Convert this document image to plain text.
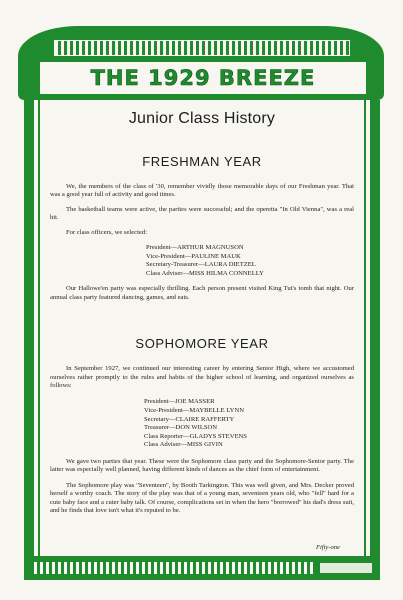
THE 1929 BREEZE
Junior Class History
FRESHMAN YEAR

We, the members of the class of '30, remember vividly those memorable days of our Freshman year. That was a good year full of activity and good times.

The basketball teams were active, the parties were successful; and the operetta "In Old Vienna", was a real hit.

For class officers, we selected:

President—ARTHUR MAGNUSON
Vice-President—PAULINE MAUK
Secretary-Treasurer—LAURA DIETZEL
Class Adviser—MISS HILMA CONNELLY

Our Hallowe'en party was especially thrilling. Each person present visited King Tut's tomb that night. Our annual class party featured dancing, games, and eats.

SOPHOMORE YEAR

In September 1927, we continued our interesting career by entering Senior High, where we accustomed ourselves rather promptly to the rules and habits of the higher school of learning, and organized ourselves as follows:

President—JOE MASSER
Vice-President—MAYBELLE LYNN
Secretary—CLAIRE RAFFERTY
Treasurer—DON WILSON
Class Reporter—GLADYS STEVENS
Class Adviser—MISS GIVIN

We gave two parties that year. These were the Sophomore class party and the Sophomore-Senior party. The latter was especially well planned, having different kinds of dances as the chief form of entertainment.

The Sophomore play was "Seventeen", by Booth Tarkington. This was well given, and Mrs. Decker proved herself a worthy coach. The story of the play was that of a young man, seventeen years old, who "fell" hard for a cute baby face and a cuter baby talk. Of course, complications set in when the hero "borrowed" his dad's dress suit, and he finds that love isn't what it's reputed to be.

Fifty-one
